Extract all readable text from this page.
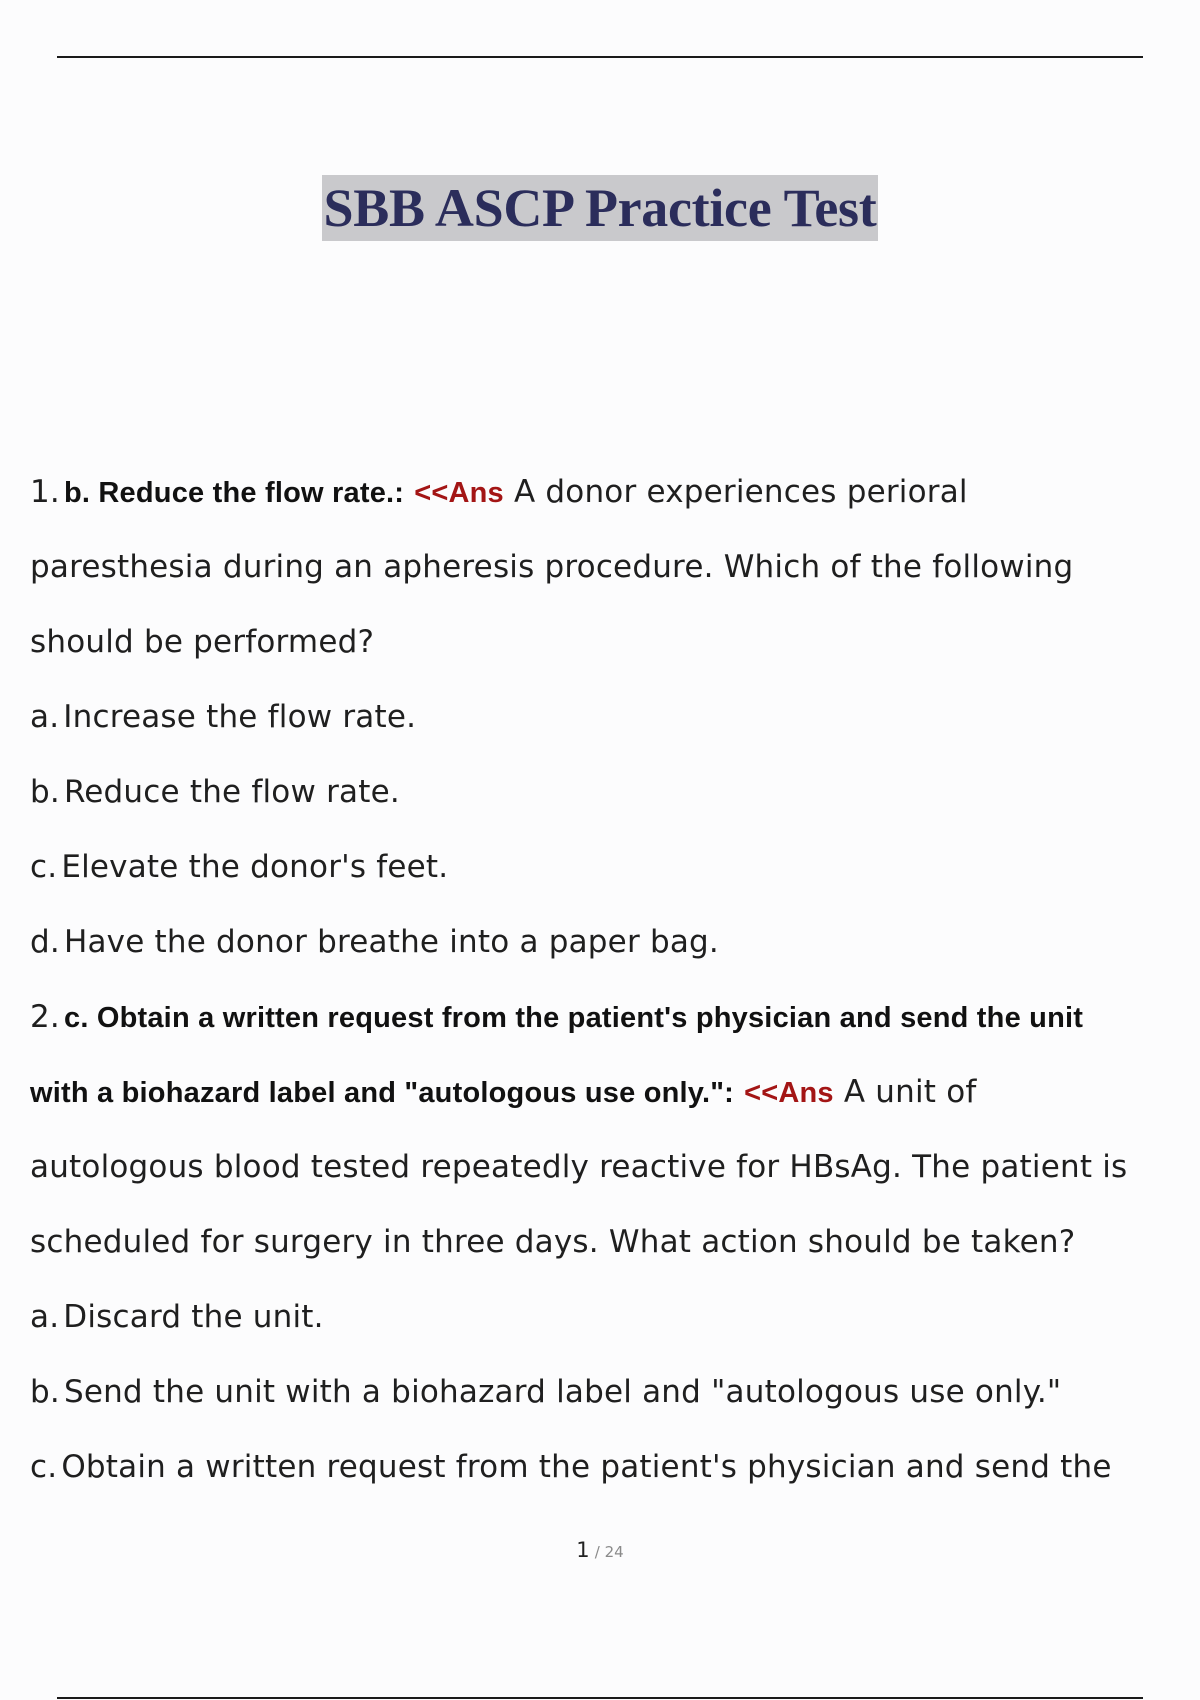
SBB ASCP Practice Test
1. b. Reduce the flow rate.: <<Ans A donor experiences perioral
paresthesia during an apheresis procedure. Which of the following
should be performed?
a. Increase the flow rate.
b. Reduce the flow rate.
c. Elevate the donor's feet.
d. Have the donor breathe into a paper bag.
2. c. Obtain a written request from the patient's physician and send the unit
with a biohazard label and "autologous use only.": <<Ans A unit of
autologous blood tested repeatedly reactive for HBsAg. The patient is
scheduled for surgery in three days. What action should be taken?
a. Discard the unit.
b. Send the unit with a biohazard label and "autologous use only."
c. Obtain a written request from the patient's physician and send the
1 / 24
